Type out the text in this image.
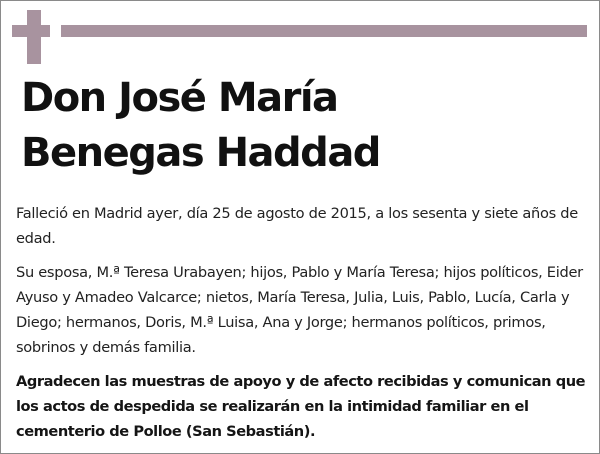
Don José María
Benegas Haddad

Falleció en Madrid ayer, día 25 de agosto de 2015, a los sesenta y siete años de edad.

Su esposa, M.ª Teresa Urabayen; hijos, Pablo y María Teresa; hijos políticos, Eider Ayuso y Amadeo Valcarce; nietos, María Teresa, Julia, Luis, Pablo, Lucía, Carla y Diego; hermanos, Doris, M.ª Luisa, Ana y Jorge; hermanos políticos, primos, sobrinos y demás familia.

Agradecen las muestras de apoyo y de afecto recibidas y comunican que los actos de despedida se realizarán en la intimidad familiar en el cementerio de Polloe (San Sebastián).
